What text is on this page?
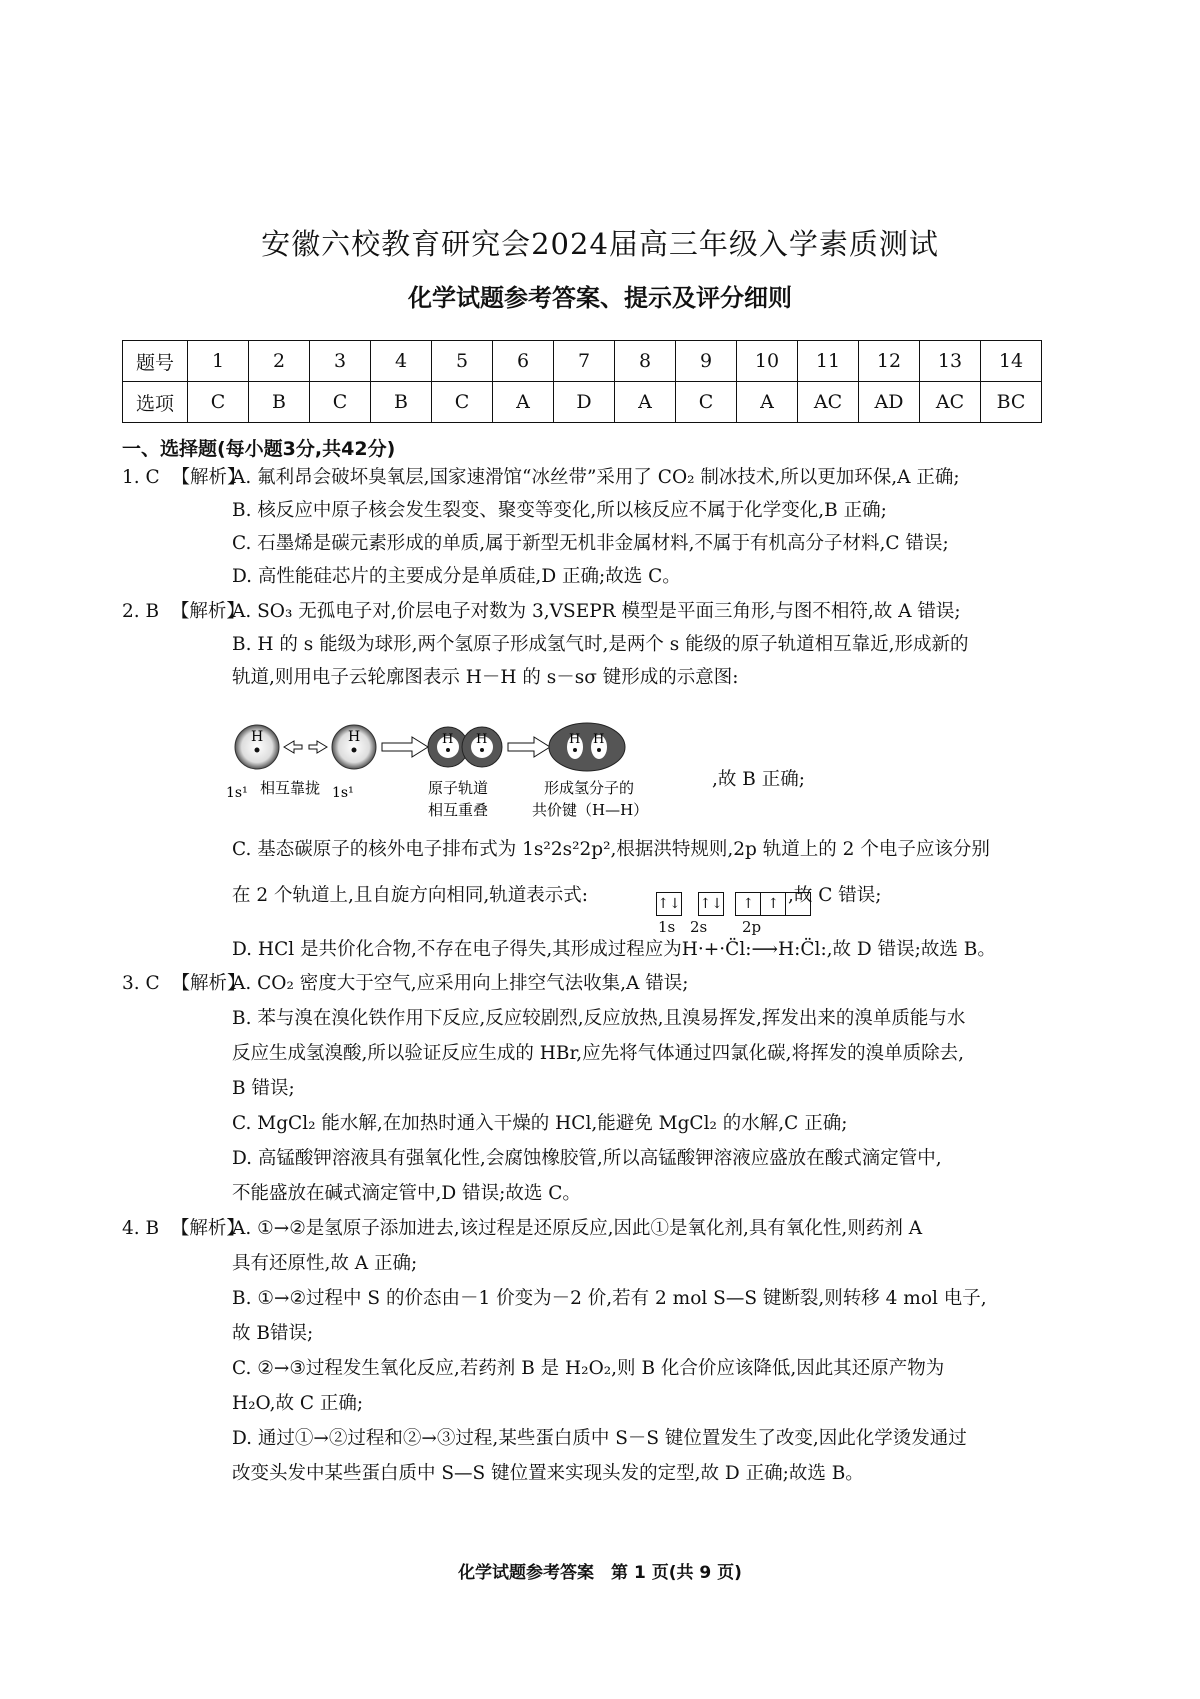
安徽六校教育研究会2024届高三年级入学素质测试
化学试题参考答案、提示及评分细则
题号	1	2	3	4	5	6	7	8	9	10	11	12	13	14
选项	C	B	C	B	C	A	D	A	C	A	AC	AD	AC	BC
一、选择题(每小题3分,共42分)
1. C 【解析】
A. 氟利昂会破坏臭氧层,国家速滑馆“冰丝带”采用了 CO₂ 制冰技术,所以更加环保,A 正确;
B. 核反应中原子核会发生裂变、聚变等变化,所以核反应不属于化学变化,B 正确;
C. 石墨烯是碳元素形成的单质,属于新型无机非金属材料,不属于有机高分子材料,C 错误;
D. 高性能硅芯片的主要成分是单质硅,D 正确;故选 C。
2. B 【解析】
A. SO₃ 无孤电子对,价层电子对数为 3,VSEPR 模型是平面三角形,与图不相符,故 A 错误;
B. H 的 s 能级为球形,两个氢原子形成氢气时,是两个 s 能级的原子轨道相互靠近,形成新的
轨道,则用电子云轮廓图表示 H－H 的 s－sσ 键形成的示意图:
H	H	H H	H H
1s¹ 相互靠拢 1s¹	原子轨道
相互重叠
形成氢分子的
共价键（H—H）
,故 B 正确;
C. 基态碳原子的核外电子排布式为 1s²2s²2p²,根据洪特规则,2p 轨道上的 2 个电子应该分别
在 2 个轨道上,且自旋方向相同,轨道表示式:	↑↓ ↑↓ ↑ ↑
1s 2s 2p
,故 C 错误;
D. HCl 是共价化合物,不存在电子得失,其形成过程应为H·+·C̈l:⟶H:C̈l:,故 D 错误;故选 B。
3. C 【解析】
A. CO₂ 密度大于空气,应采用向上排空气法收集,A 错误;
B. 苯与溴在溴化铁作用下反应,反应较剧烈,反应放热,且溴易挥发,挥发出来的溴单质能与水
反应生成氢溴酸,所以验证反应生成的 HBr,应先将气体通过四氯化碳,将挥发的溴单质除去,
B 错误;
C. MgCl₂ 能水解,在加热时通入干燥的 HCl,能避免 MgCl₂ 的水解,C 正确;
D. 高锰酸钾溶液具有强氧化性,会腐蚀橡胶管,所以高锰酸钾溶液应盛放在酸式滴定管中,
不能盛放在碱式滴定管中,D 错误;故选 C。
4. B 【解析】
A. ①→②是氢原子添加进去,该过程是还原反应,因此①是氧化剂,具有氧化性,则药剂 A
具有还原性,故 A 正确;
B. ①→②过程中 S 的价态由－1 价变为－2 价,若有 2 mol S—S 键断裂,则转移 4 mol 电子,
故 B错误;
C. ②→③过程发生氧化反应,若药剂 B 是 H₂O₂,则 B 化合价应该降低,因此其还原产物为
H₂O,故 C 正确;
D. 通过①→②过程和②→③过程,某些蛋白质中 S－S 键位置发生了改变,因此化学烫发通过
改变头发中某些蛋白质中 S—S 键位置来实现头发的定型,故 D 正确;故选 B。
化学试题参考答案　第 1 页(共 9 页)
